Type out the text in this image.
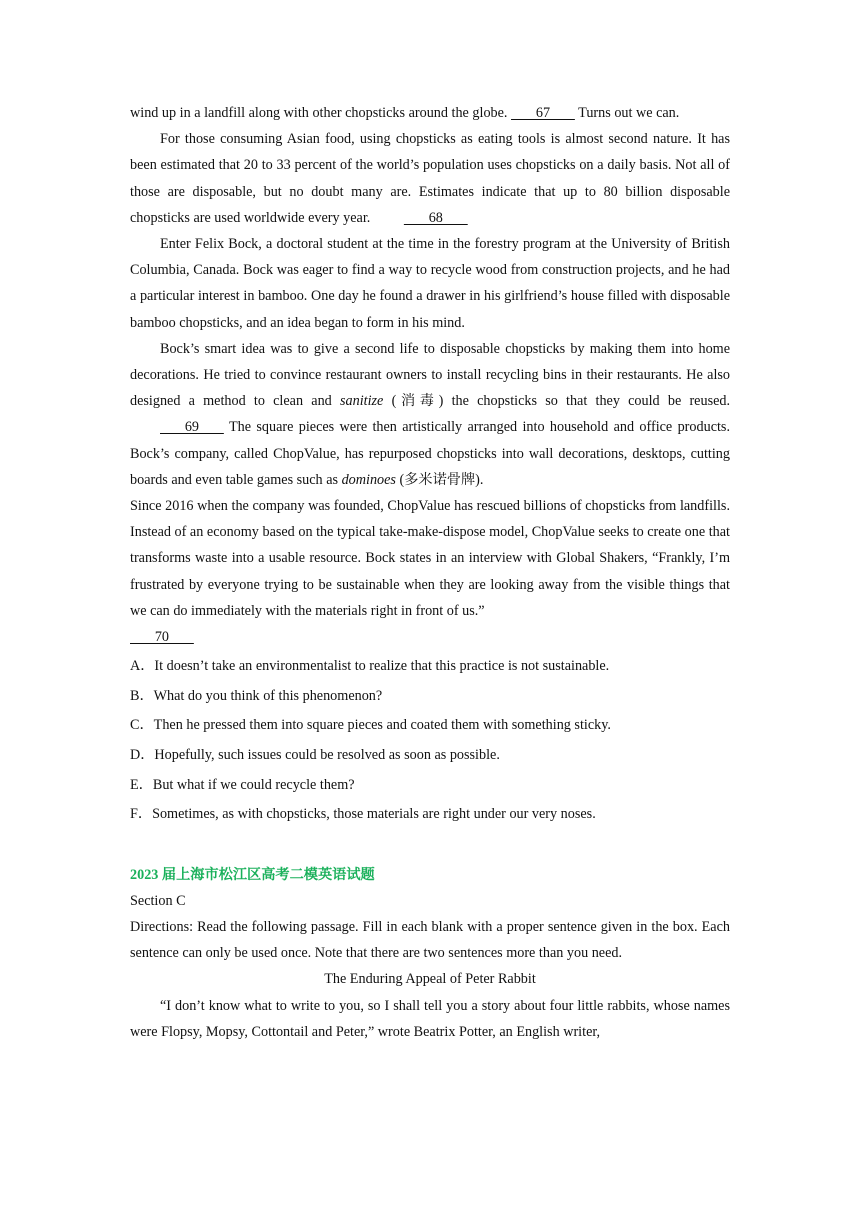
wind up in a landfill along with other chopsticks around the globe.        67        Turns out we can.

For those consuming Asian food, using chopsticks as eating tools is almost second nature. It has been estimated that 20 to 33 percent of the world’s population uses chopsticks on a daily basis. Not all of those are disposable, but no doubt many are. Estimates indicate that up to 80 billion disposable chopsticks are used worldwide every year.        68

Enter Felix Bock, a doctoral student at the time in the forestry program at the University of British Columbia, Canada. Bock was eager to find a way to recycle wood from construction projects, and he had a particular interest in bamboo. One day he found a drawer in his girlfriend’s house filled with disposable bamboo chopsticks, and an idea began to form in his mind.

Bock’s smart idea was to give a second life to disposable chopsticks by making them into home decorations. He tried to convince restaurant owners to install recycling bins in their restaurants. He also designed a method to clean and sanitize (消毒) the chopsticks so that they could be reused.        69        The square pieces were then artistically arranged into household and office products. Bock’s company, called ChopValue, has repurposed chopsticks into wall decorations, desktops, cutting boards and even table games such as dominoes (多米诺骨牌).

Since 2016 when the company was founded, ChopValue has rescued billions of chopsticks from landfills. Instead of an economy based on the typical take-make-dispose model, ChopValue seeks to create one that transforms waste into a usable resource. Bock states in an interview with Global Shakers, “Frankly, I’m frustrated by everyone trying to be sustainable when they are looking away from the visible things that we can do immediately with the materials right in front of us.”

70

A．It doesn’t take an environmentalist to realize that this practice is not sustainable.

B．What do you think of this phenomenon?

C．Then he pressed them into square pieces and coated them with something sticky.

D．Hopefully, such issues could be resolved as soon as possible.

E．But what if we could recycle them?

F．Sometimes, as with chopsticks, those materials are right under our very noses.

2023 届上海市松江区高考二模英语试题

Section C

Directions: Read the following passage. Fill in each blank with a proper sentence given in the box. Each sentence can only be used once. Note that there are two sentences more than you need.

The Enduring Appeal of Peter Rabbit

“I don’t know what to write to you, so I shall tell you a story about four little rabbits, whose names were Flopsy, Mopsy, Cottontail and Peter,” wrote Beatrix Potter, an English writer,
